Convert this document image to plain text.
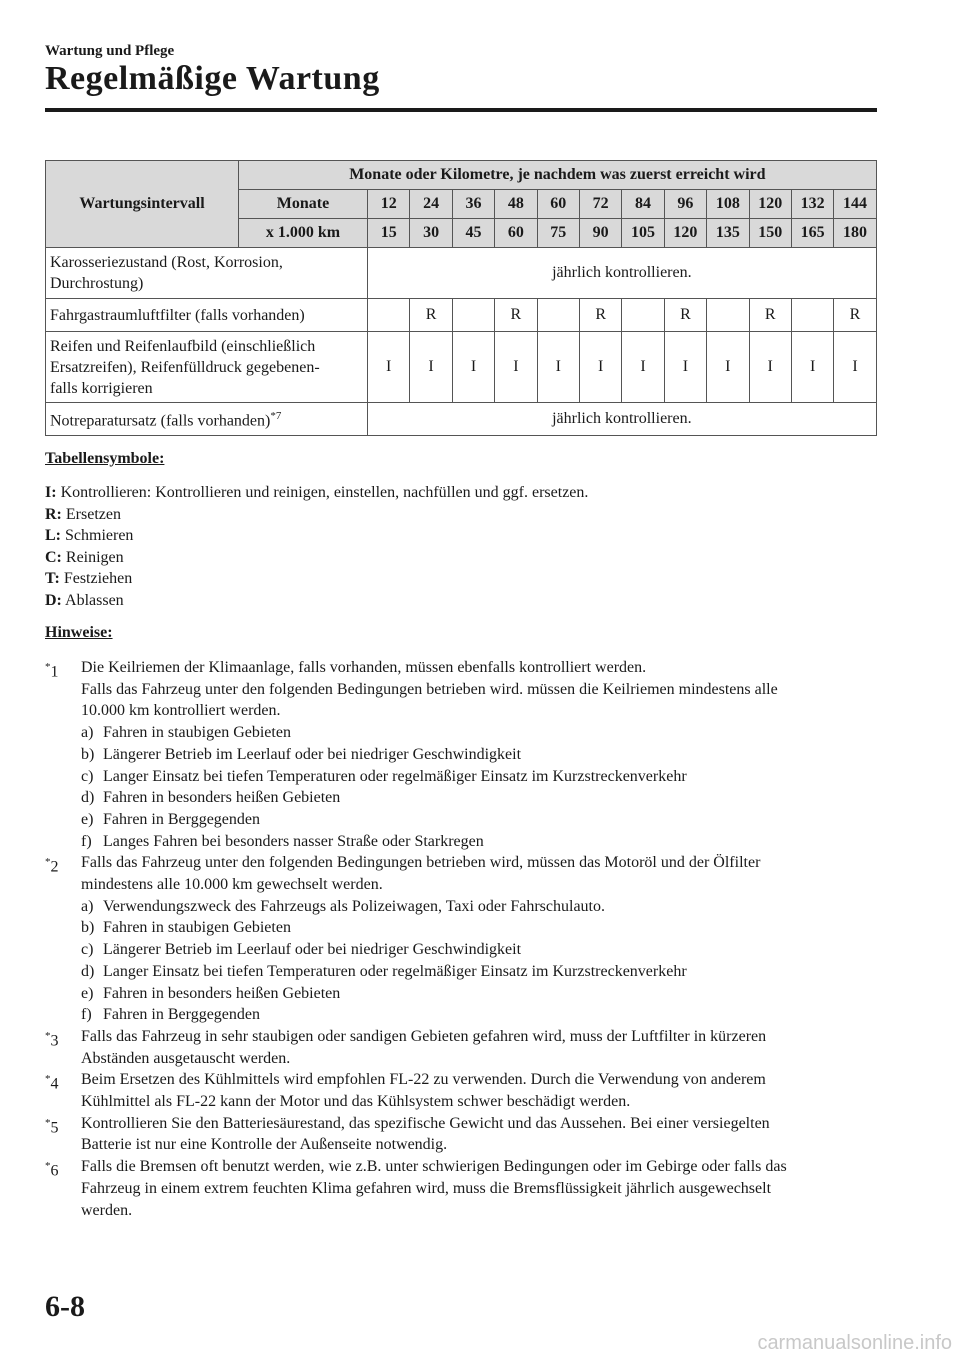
Wartung und Pflege
Regelmäßige Wartung
Wartungsintervall	Monate oder Kilometre, je nachdem was zuerst erreicht wird												
	Monate	12	24	36	48	60	72	84	96	108	120	132	144
	x 1.000 km	15	30	45	60	75	90	105	120	135	150	165	180
Karosseriezustand (Rost, Korrosion,
Durchrostung)		jährlich kontrollieren.											
Fahrgastraumluftfilter (falls vorhanden)			R		R		R		R		R		R
Reifen und Reifenlaufbild (einschließlich
Ersatzreifen), Reifenfülldruck gegebenen-
falls korrigieren		I	I	I	I	I	I	I	I	I	I	I	I
Notreparatursatz (falls vorhanden)$^{*7}$		jährlich kontrollieren.											
Tabellensymbole:
I: Kontrollieren: Kontrollieren und reinigen, einstellen, nachfüllen und ggf. ersetzen.
R: Ersetzen
L: Schmieren
C: Reinigen
T: Festziehen
D: Ablassen
Hinweise:
*1 Die Keilriemen der Klimaanlage, falls vorhanden, müssen ebenfalls kontrolliert werden.
Falls das Fahrzeug unter den folgenden Bedingungen betrieben wird. müssen die Keilriemen mindestens alle
10.000 km kontrolliert werden.
a) Fahren in staubigen Gebieten
b) Längerer Betrieb im Leerlauf oder bei niedriger Geschwindigkeit
c) Langer Einsatz bei tiefen Temperaturen oder regelmäßiger Einsatz im Kurzstreckenverkehr
d) Fahren in besonders heißen Gebieten
e) Fahren in Berggegenden
f) Langes Fahren bei besonders nasser Straße oder Starkregen
*2 Falls das Fahrzeug unter den folgenden Bedingungen betrieben wird, müssen das Motoröl und der Ölfilter
mindestens alle 10.000 km gewechselt werden.
a) Verwendungszweck des Fahrzeugs als Polizeiwagen, Taxi oder Fahrschulauto.
b) Fahren in staubigen Gebieten
c) Längerer Betrieb im Leerlauf oder bei niedriger Geschwindigkeit
d) Langer Einsatz bei tiefen Temperaturen oder regelmäßiger Einsatz im Kurzstreckenverkehr
e) Fahren in besonders heißen Gebieten
f) Fahren in Berggegenden
*3 Falls das Fahrzeug in sehr staubigen oder sandigen Gebieten gefahren wird, muss der Luftfilter in kürzeren
Abständen ausgetauscht werden.
*4 Beim Ersetzen des Kühlmittels wird empfohlen FL-22 zu verwenden. Durch die Verwendung von anderem
Kühlmittel als FL-22 kann der Motor und das Kühlsystem schwer beschädigt werden.
*5 Kontrollieren Sie den Batteriesäurestand, das spezifische Gewicht und das Aussehen. Bei einer versiegelten
Batterie ist nur eine Kontrolle der Außenseite notwendig.
*6 Falls die Bremsen oft benutzt werden, wie z.B. unter schwierigen Bedingungen oder im Gebirge oder falls das
Fahrzeug in einem extrem feuchten Klima gefahren wird, muss die Bremsflüssigkeit jährlich ausgewechselt
werden.
6-8
carmanualsonline.info
